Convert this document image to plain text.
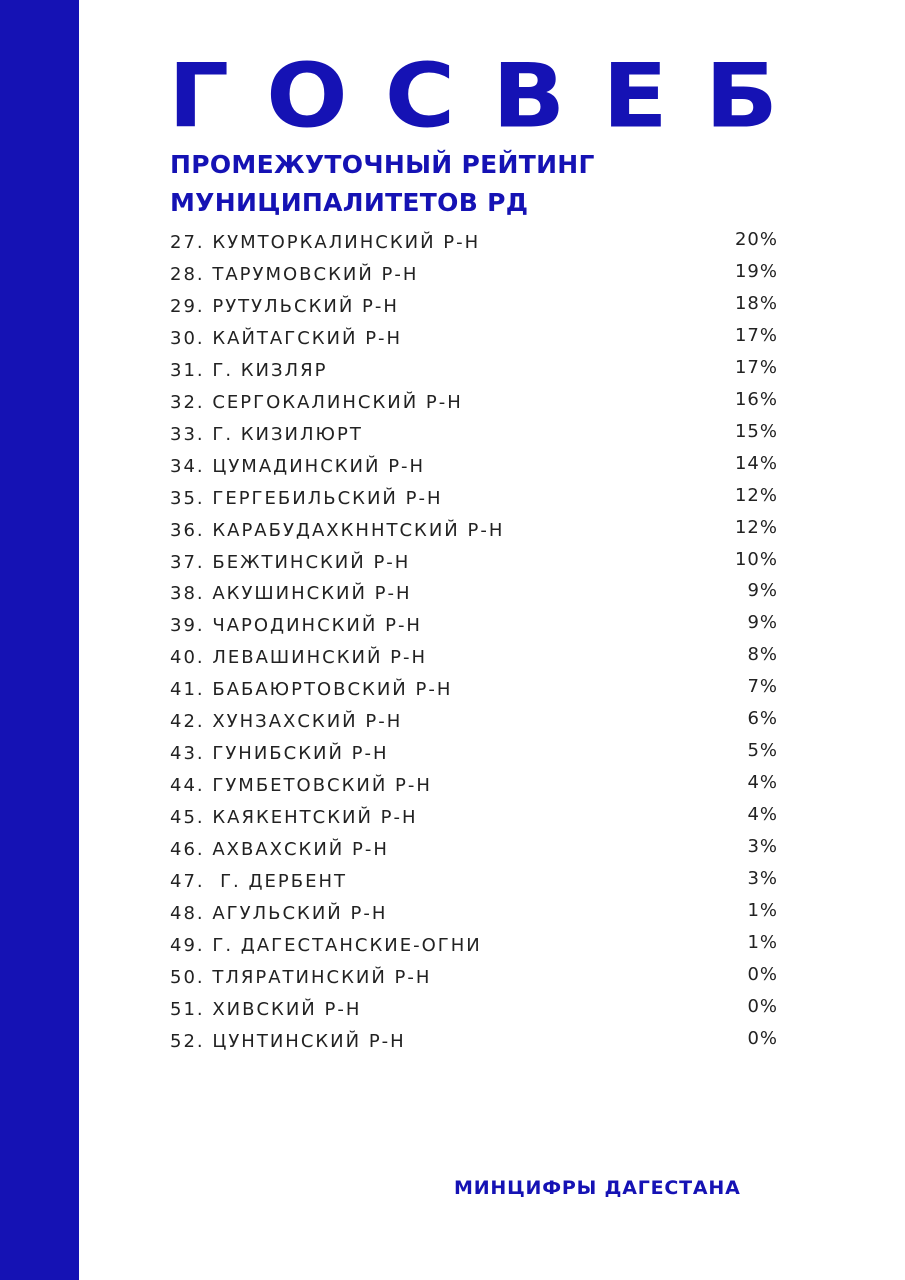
Г О С В Е Б
ПРОМЕЖУТОЧНЫЙ РЕЙТИНГ
МУНИЦИПАЛИТЕТОВ РД
27. КУМТОРКАЛИНСКИЙ Р-Н	20%
28. ТАРУМОВСКИЙ Р-Н	19%
29. РУТУЛЬСКИЙ Р-Н	18%
30. КАЙТАГСКИЙ Р-Н	17%
31. Г. КИЗЛЯР	17%
32. СЕРГОКАЛИНСКИЙ Р-Н	16%
33. Г. КИЗИЛЮРТ	15%
34. ЦУМАДИНСКИЙ Р-Н	14%
35. ГЕРГЕБИЛЬСКИЙ Р-Н	12%
36. КАРАБУДАХКННТСКИЙ Р-Н	12%
37. БЕЖТИНСКИЙ Р-Н	10%
38. АКУШИНСКИЙ Р-Н	9%
39. ЧАРОДИНСКИЙ Р-Н	9%
40. ЛЕВАШИНСКИЙ Р-Н	8%
41. БАБАЮРТОВСКИЙ Р-Н	7%
42. ХУНЗАХСКИЙ Р-Н	6%
43. ГУНИБСКИЙ Р-Н	5%
44. ГУМБЕТОВСКИЙ Р-Н	4%
45. КАЯКЕНТСКИЙ Р-Н	4%
46. АХВАХСКИЙ Р-Н	3%
47.  Г. ДЕРБЕНТ	3%
48. АГУЛЬСКИЙ Р-Н	1%
49. Г. ДАГЕСТАНСКИЕ-ОГНИ	1%
50. ТЛЯРАТИНСКИЙ Р-Н	0%
51. ХИВСКИЙ Р-Н	0%
52. ЦУНТИНСКИЙ Р-Н	0%
МИНЦИФРЫ ДАГЕСТАНА
